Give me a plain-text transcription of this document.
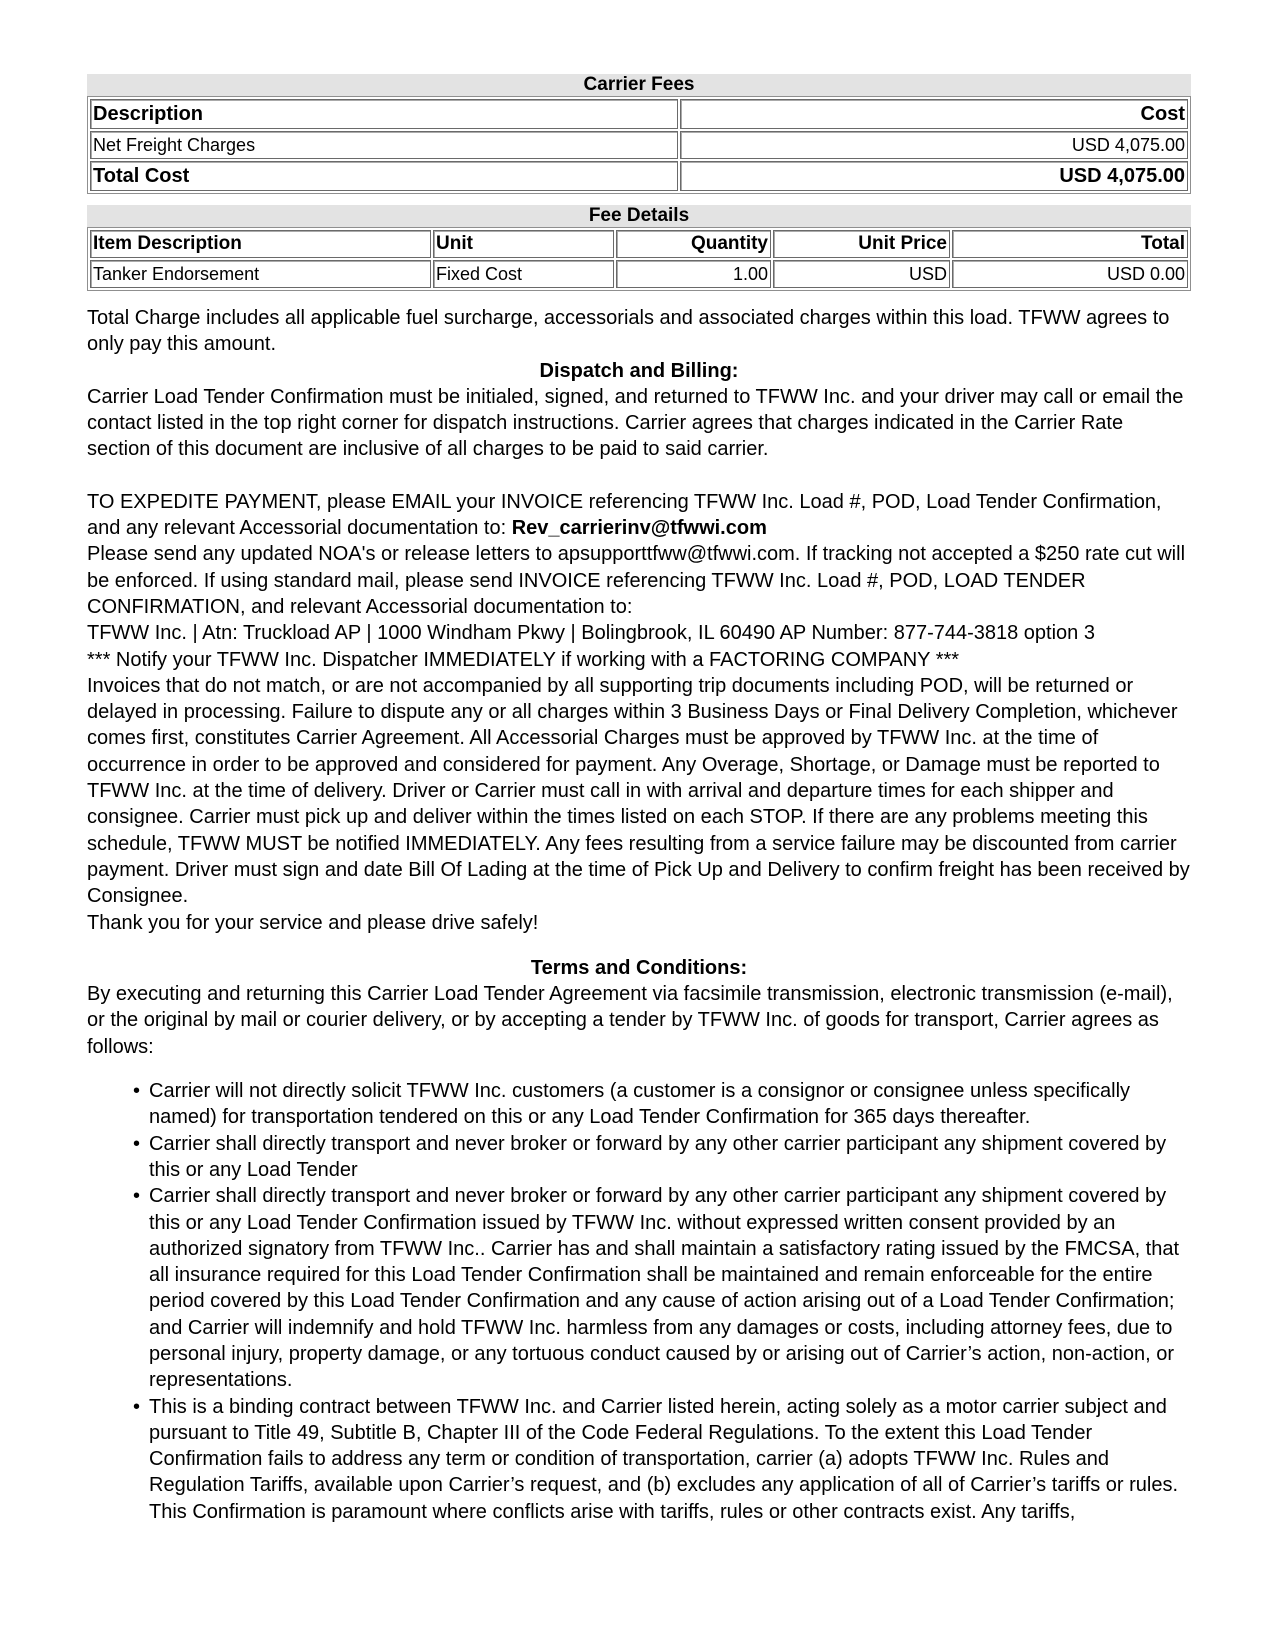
Carrier Fees
Description	Cost
Net Freight Charges	USD 4,075.00
Total Cost	USD 4,075.00
Fee Details
Item Description	Unit	Quantity	Unit Price	Total
Tanker Endorsement	Fixed Cost	1.00	USD	USD 0.00

Total Charge includes all applicable fuel surcharge, accessorials and associated charges within this load. TFWW agrees to only pay this amount.

Dispatch and Billing:

Carrier Load Tender Confirmation must be initialed, signed, and returned to TFWW Inc. and your driver may call or email the contact listed in the top right corner for dispatch instructions. Carrier agrees that charges indicated in the Carrier Rate section of this document are inclusive of all charges to be paid to said carrier.

TO EXPEDITE PAYMENT, please EMAIL your INVOICE referencing TFWW Inc. Load #, POD, Load Tender Confirmation, and any relevant Accessorial documentation to: Rev_carrierinv@tfwwi.com

Please send any updated NOA's or release letters to apsupporttfww@tfwwi.com. If tracking not accepted a $250 rate cut will be enforced. If using standard mail, please send INVOICE referencing TFWW Inc. Load #, POD, LOAD TENDER CONFIRMATION, and relevant Accessorial documentation to:

TFWW Inc. | Atn: Truckload AP | 1000 Windham Pkwy | Bolingbrook, IL 60490 AP Number: 877-744-3818 option 3

*** Notify your TFWW Inc. Dispatcher IMMEDIATELY if working with a FACTORING COMPANY ***

Invoices that do not match, or are not accompanied by all supporting trip documents including POD, will be returned or delayed in processing. Failure to dispute any or all charges within 3 Business Days or Final Delivery Completion, whichever comes first, constitutes Carrier Agreement. All Accessorial Charges must be approved by TFWW Inc. at the time of occurrence in order to be approved and considered for payment. Any Overage, Shortage, or Damage must be reported to TFWW Inc. at the time of delivery. Driver or Carrier must call in with arrival and departure times for each shipper and consignee. Carrier must pick up and deliver within the times listed on each STOP. If there are any problems meeting this schedule, TFWW MUST be notified IMMEDIATELY. Any fees resulting from a service failure may be discounted from carrier payment. Driver must sign and date Bill Of Lading at the time of Pick Up and Delivery to confirm freight has been received by Consignee.

Thank you for your service and please drive safely!

Terms and Conditions:

By executing and returning this Carrier Load Tender Agreement via facsimile transmission, electronic transmission (e-mail), or the original by mail or courier delivery, or by accepting a tender by TFWW Inc. of goods for transport, Carrier agrees as follows:

• Carrier will not directly solicit TFWW Inc. customers (a customer is a consignor or consignee unless specifically named) for transportation tendered on this or any Load Tender Confirmation for 365 days thereafter.
• Carrier shall directly transport and never broker or forward by any other carrier participant any shipment covered by this or any Load Tender
• Carrier shall directly transport and never broker or forward by any other carrier participant any shipment covered by this or any Load Tender Confirmation issued by TFWW Inc. without expressed written consent provided by an authorized signatory from TFWW Inc.. Carrier has and shall maintain a satisfactory rating issued by the FMCSA, that all insurance required for this Load Tender Confirmation shall be maintained and remain enforceable for the entire period covered by this Load Tender Confirmation and any cause of action arising out of a Load Tender Confirmation; and Carrier will indemnify and hold TFWW Inc. harmless from any damages or costs, including attorney fees, due to personal injury, property damage, or any tortuous conduct caused by or arising out of Carrier’s action, non-action, or representations.
• This is a binding contract between TFWW Inc. and Carrier listed herein, acting solely as a motor carrier subject and pursuant to Title 49, Subtitle B, Chapter III of the Code Federal Regulations. To the extent this Load Tender Confirmation fails to address any term or condition of transportation, carrier (a) adopts TFWW Inc. Rules and Regulation Tariffs, available upon Carrier’s request, and (b) excludes any application of all of Carrier’s tariffs or rules. This Confirmation is paramount where conflicts arise with tariffs, rules or other contracts exist. Any tariffs,
